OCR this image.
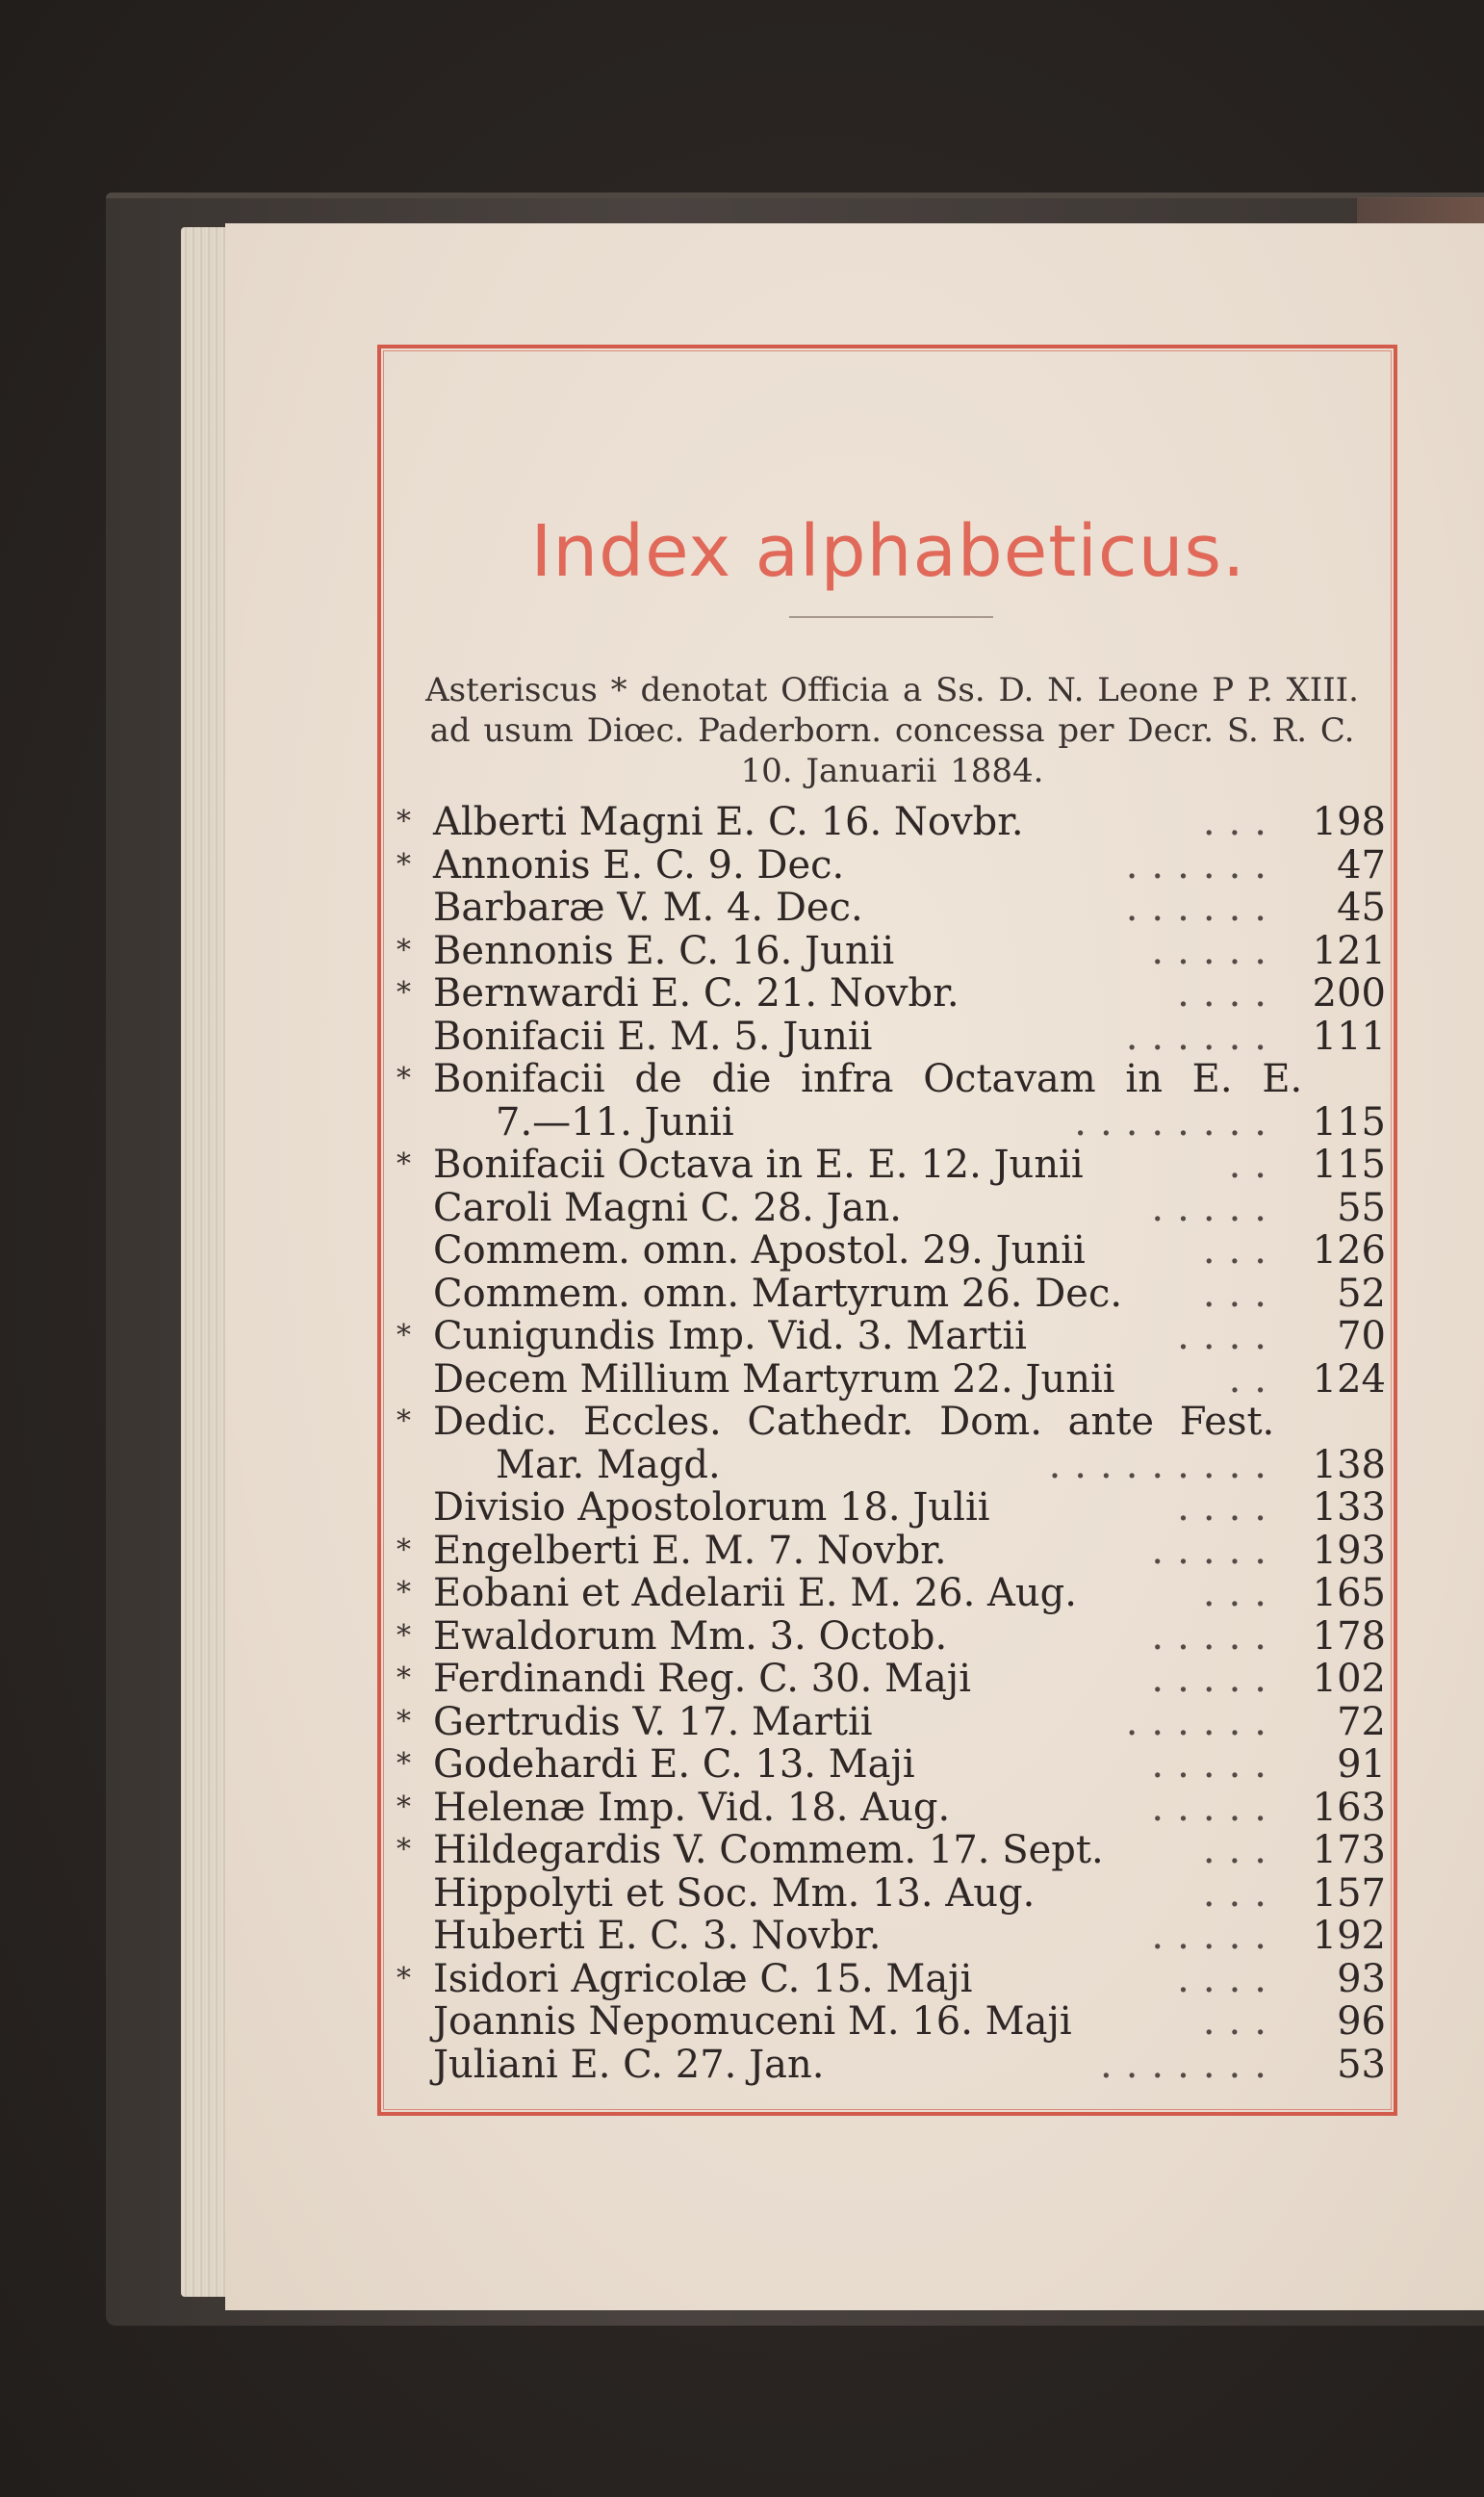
Index alphabeticus.
Asteriscus * denotat Officia a Ss. D. N. Leone P P. XIII.
ad usum Diœc. Paderborn. concessa per Decr. S. R. C.
10. Januarii 1884.
* Alberti Magni E. C. 16. Novbr.	... 198
* Annonis E. C. 9. Dec.	...... 47
Barbaræ V. M. 4. Dec.	...... 45
* Bennonis E. C. 16. Junii	..... 121
* Bernwardi E. C. 21. Novbr.	.... 200
Bonifacii E. M. 5. Junii	...... 111
* Bonifacii de die infra Octavam in E. E.
7.—11. Junii	........ 115
* Bonifacii Octava in E. E. 12. Junii	.. 115
Caroli Magni C. 28. Jan.	..... 55
Commem. omn. Apostol. 29. Junii	... 126
Commem. omn. Martyrum 26. Dec.	... 52
* Cunigundis Imp. Vid. 3. Martii	.... 70
Decem Millium Martyrum 22. Junii	.. 124
* Dedic. Eccles. Cathedr. Dom. ante Fest.
Mar. Magd.	......... 138
Divisio Apostolorum 18. Julii	.... 133
* Engelberti E. M. 7. Novbr.	..... 193
* Eobani et Adelarii E. M. 26. Aug.	... 165
* Ewaldorum Mm. 3. Octob.	..... 178
* Ferdinandi Reg. C. 30. Maji	..... 102
* Gertrudis V. 17. Martii	...... 72
* Godehardi E. C. 13. Maji	..... 91
* Helenæ Imp. Vid. 18. Aug.	..... 163
* Hildegardis V. Commem. 17. Sept.	... 173
Hippolyti et Soc. Mm. 13. Aug.	... 157
Huberti E. C. 3. Novbr.	..... 192
* Isidori Agricolæ C. 15. Maji	.... 93
Joannis Nepomuceni M. 16. Maji	... 96
Juliani E. C. 27. Jan.	....... 53
